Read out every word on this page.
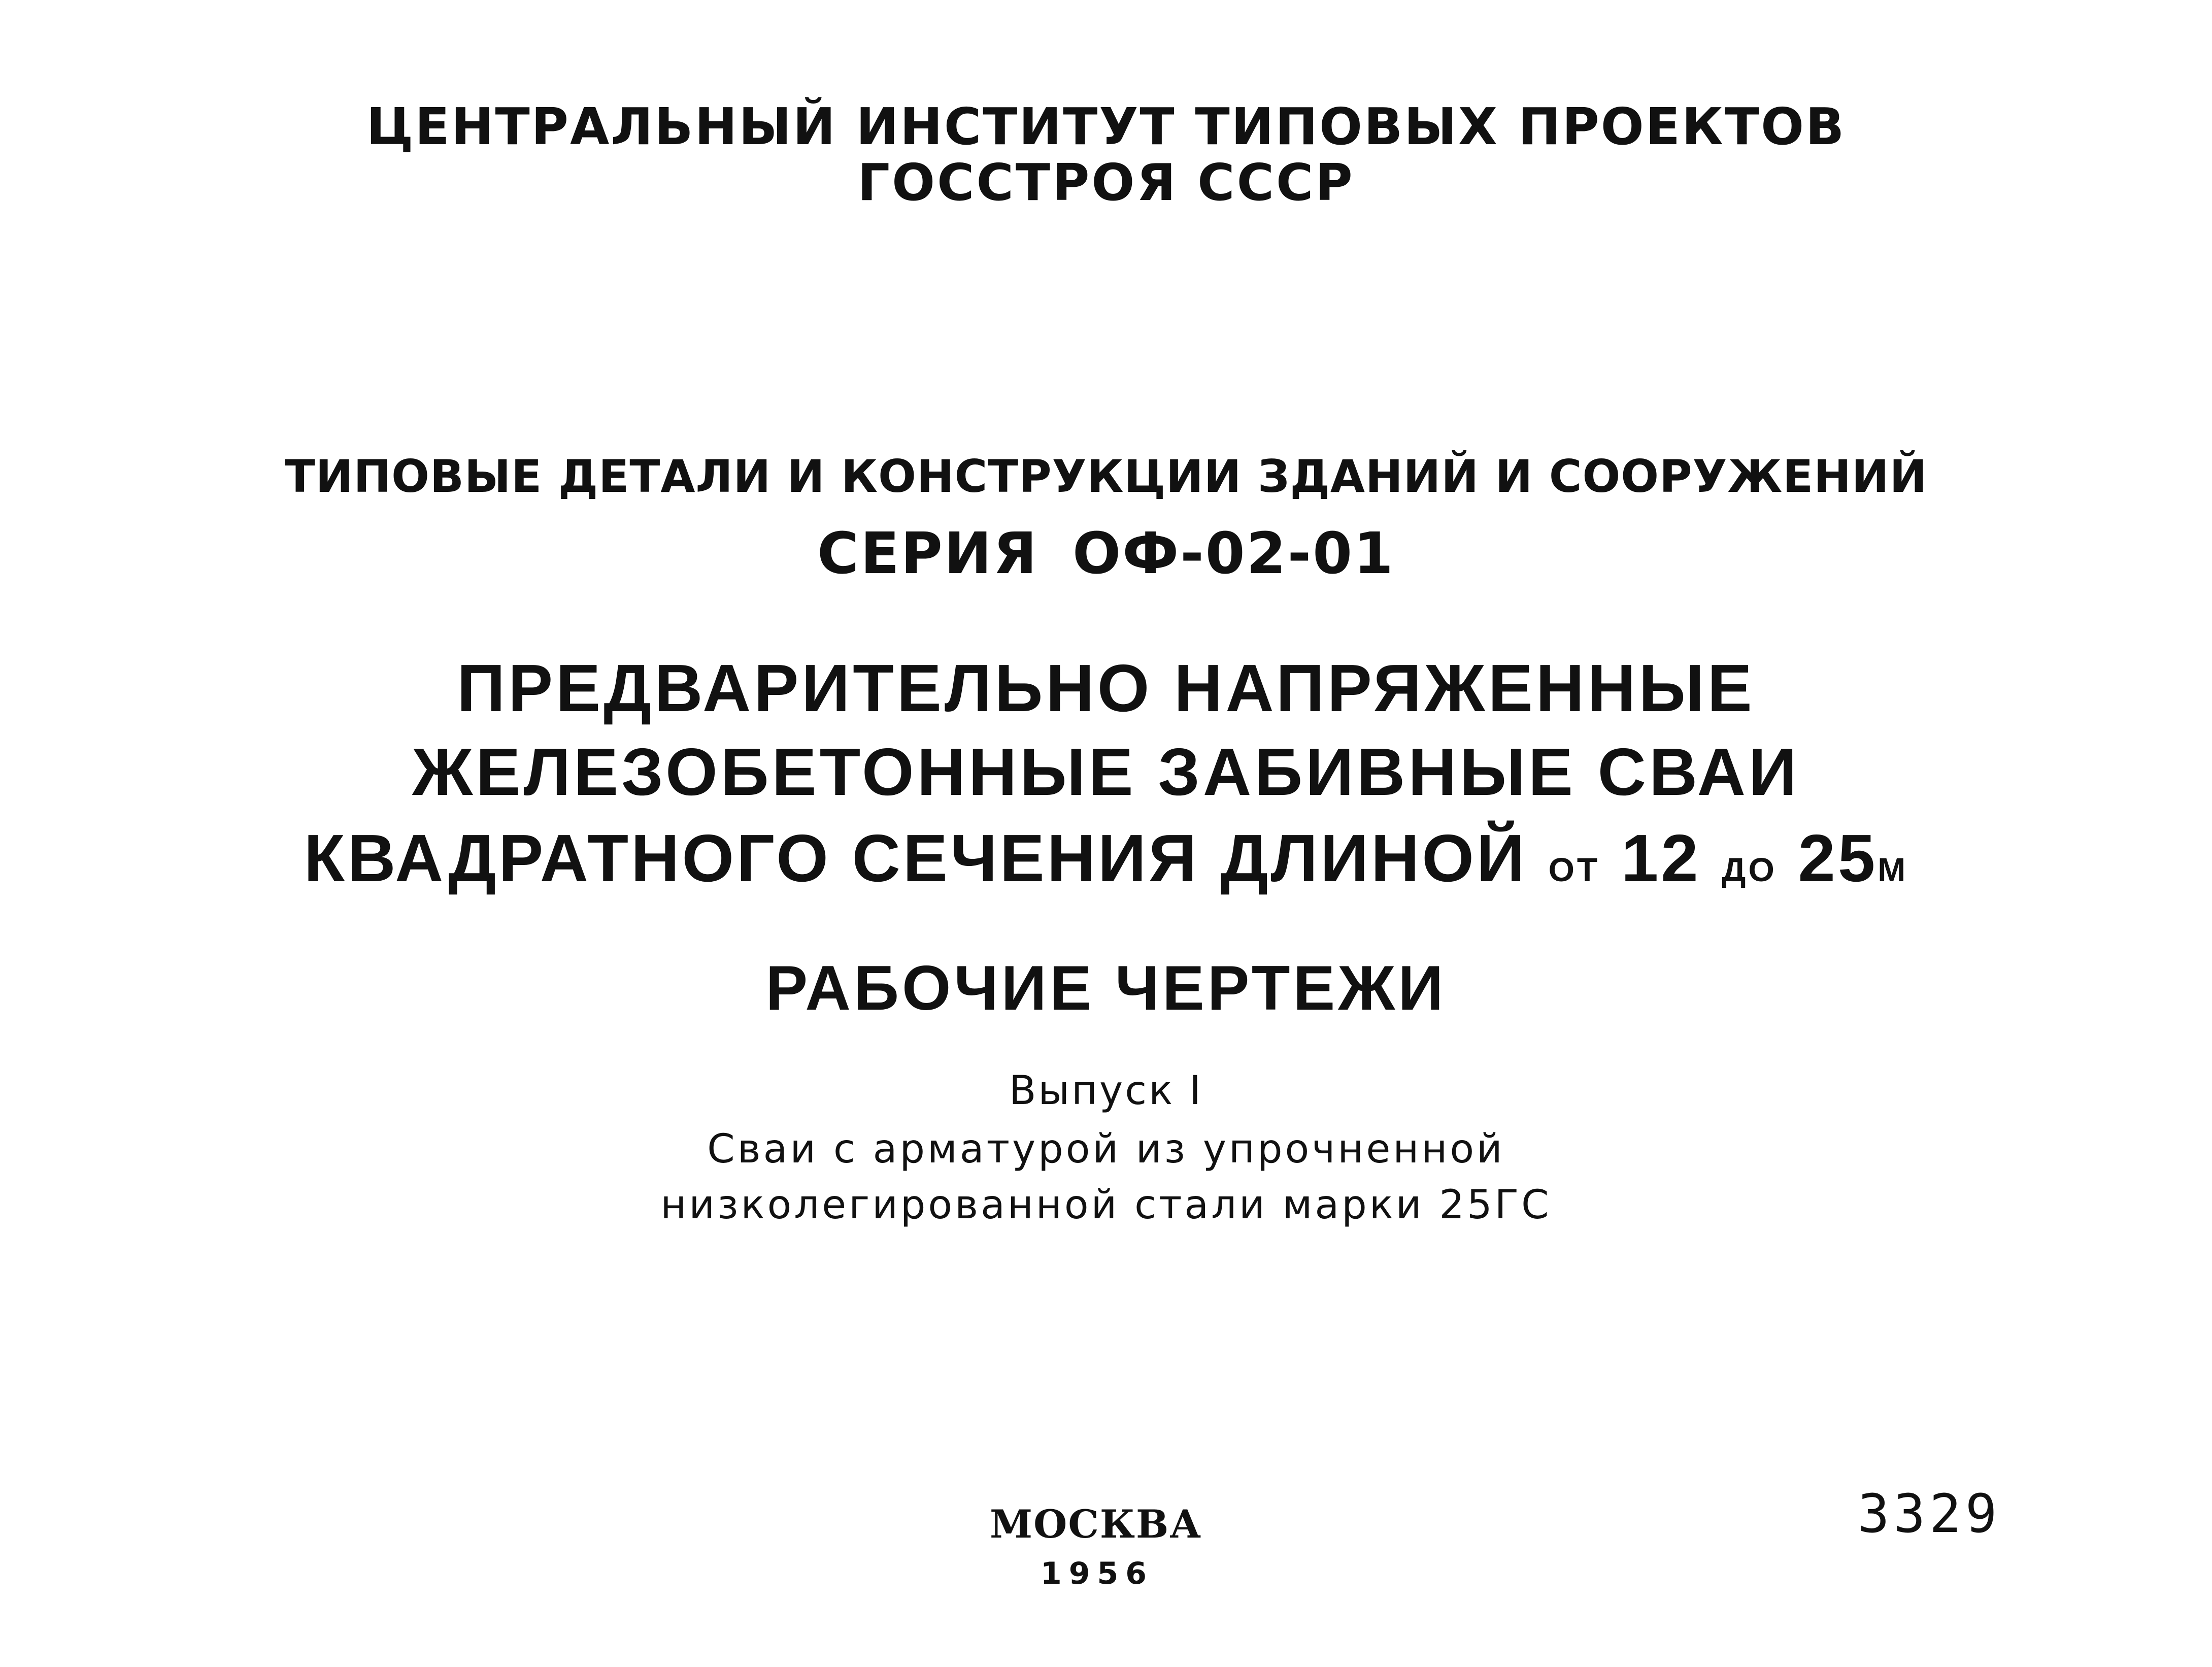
ЦЕНТРАЛЬНЫЙ ИНСТИТУТ ТИПОВЫХ ПРОЕКТОВ
ГОССТРОЯ СССР
ТИПОВЫЕ ДЕТАЛИ И КОНСТРУКЦИИ ЗДАНИЙ И СООРУЖЕНИЙ
СЕРИЯ ОФ-02-01
ПРЕДВАРИТЕЛЬНО НАПРЯЖЕННЫЕ
ЖЕЛЕЗОБЕТОННЫЕ ЗАБИВНЫЕ СВАИ
КВАДРАТНОГО СЕЧЕНИЯ ДЛИНОЙ ОТ 12 ДО 25М
РАБОЧИЕ ЧЕРТЕЖИ
Выпуск I
Сваи с арматурой из упрочненной
низколегированной стали марки 25ГС
МОСКВА
1956
3329
